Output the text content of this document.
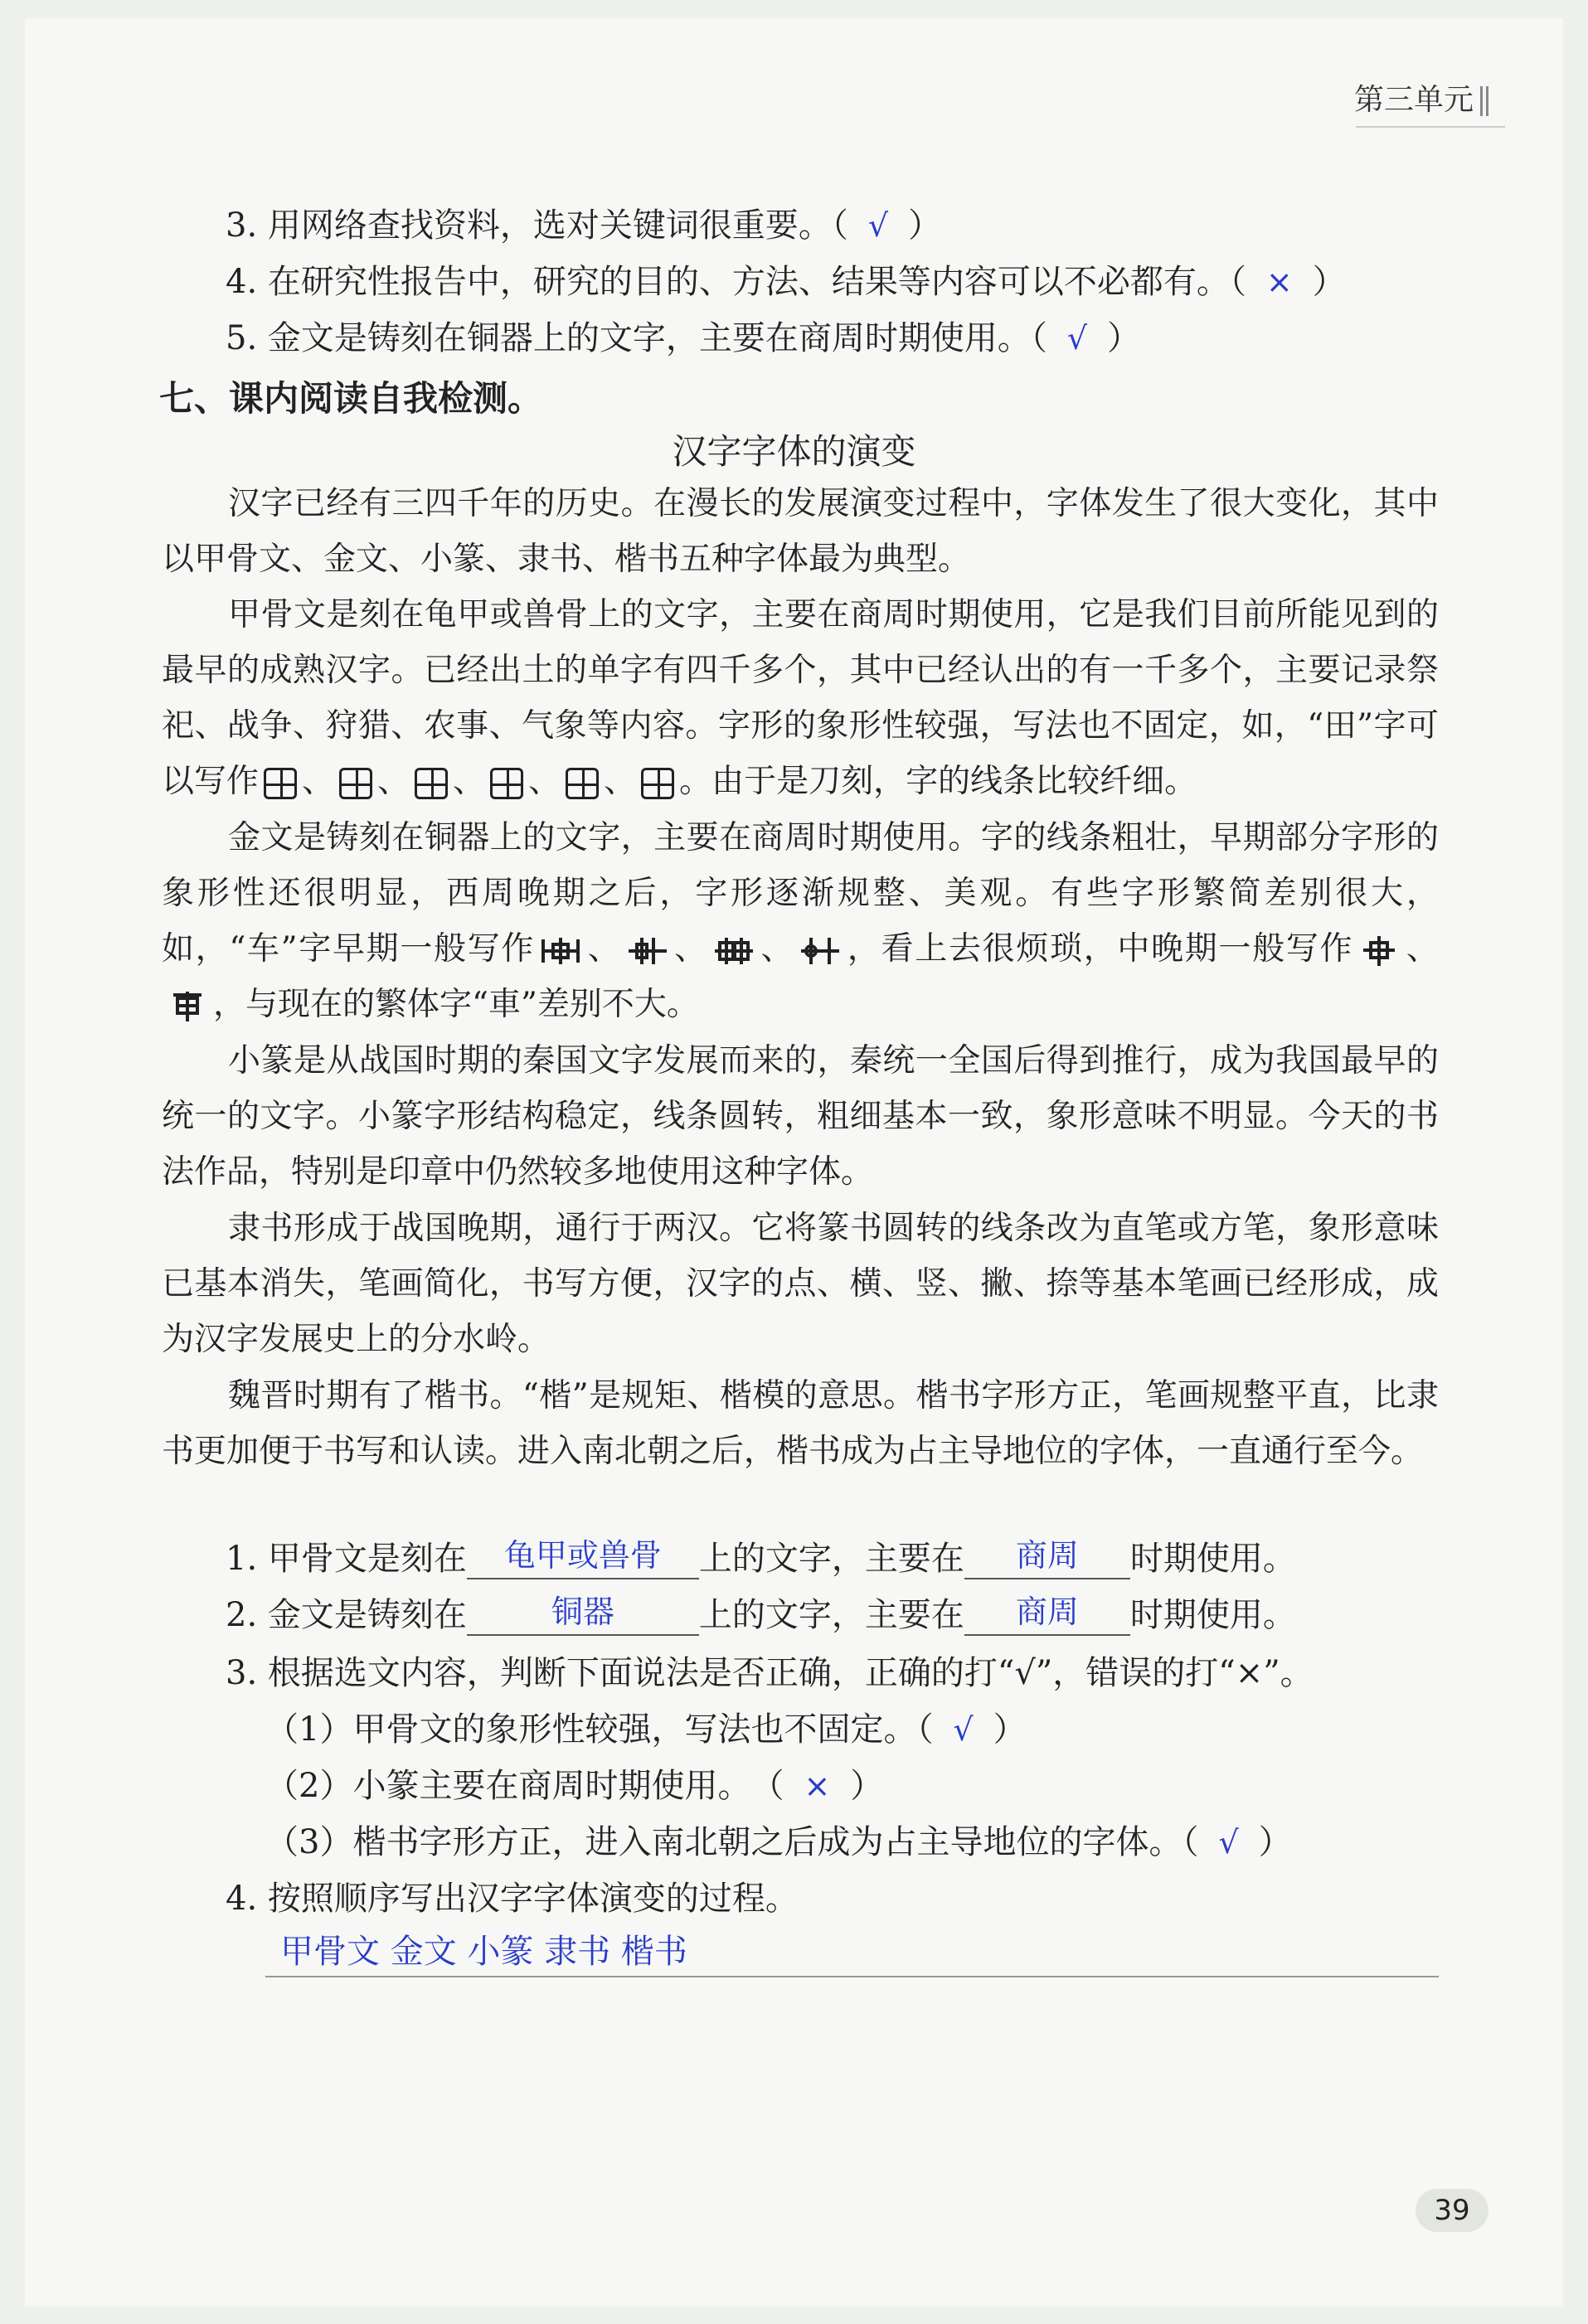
第三单元
3. 用网络查找资料，选对关键词很重要。（ √ ）
4. 在研究性报告中，研究的目的、方法、结果等内容可以不必都有。（ × ）
5. 金文是铸刻在铜器上的文字，主要在商周时期使用。（ √ ）
七、课内阅读自我检测。
汉字字体的演变
汉字已经有三四千年的历史。在漫长的发展演变过程中，字体发生了很大变化，其中以甲骨文、金文、小篆、隶书、楷书五种字体最为典型。
甲骨文是刻在龟甲或兽骨上的文字，主要在商周时期使用，它是我们目前所能见到的最早的成熟汉字。已经出土的单字有四千多个，其中已经认出的有一千多个，主要记录祭祀、战争、狩猎、农事、气象等内容。字形的象形性较强，写法也不固定，如，“田”字可以写作 、 、 、 、 、 。由于是刀刻，字的线条比较纤细。
金文是铸刻在铜器上的文字，主要在商周时期使用。字的线条粗壮，早期部分字形的象形性还很明显，西周晚期之后，字形逐渐规整、美观。有些字形繁简差别很大，如，“车”字早期一般写作 、 、 、 ，看上去很烦琐，中晚期一般写作 、，与现在的繁体字“車”差别不大。
小篆是从战国时期的秦国文字发展而来的，秦统一全国后得到推行，成为我国最早的统一的文字。小篆字形结构稳定，线条圆转，粗细基本一致，象形意味不明显。今天的书法作品，特别是印章中仍然较多地使用这种字体。
隶书形成于战国晚期，通行于两汉。它将篆书圆转的线条改为直笔或方笔，象形意味已基本消失，笔画简化，书写方便，汉字的点、横、竖、撇、捺等基本笔画已经形成，成为汉字发展史上的分水岭。
魏晋时期有了楷书。“楷”是规矩、楷模的意思。楷书字形方正，笔画规整平直，比隶书更加便于书写和认读。进入南北朝之后，楷书成为占主导地位的字体，一直通行至今。
1. 甲骨文是刻在 龟甲或兽骨 上的文字，主要在 商周 时期使用。
2. 金文是铸刻在	铜器	上的文字，主要在 商周 时期使用。
3. 根据选文内容，判断下面说法是否正确，正确的打“√”，错误的打“×”。
（1）甲骨文的象形性较强，写法也不固定。（ √ ）
（2）小篆主要在商周时期使用。　（ × ）
（3）楷书字形方正，进入南北朝之后成为占主导地位的字体。（ √ ）
4. 按照顺序写出汉字字体演变的过程。
甲骨文 金文 小篆 隶书 楷书
39
